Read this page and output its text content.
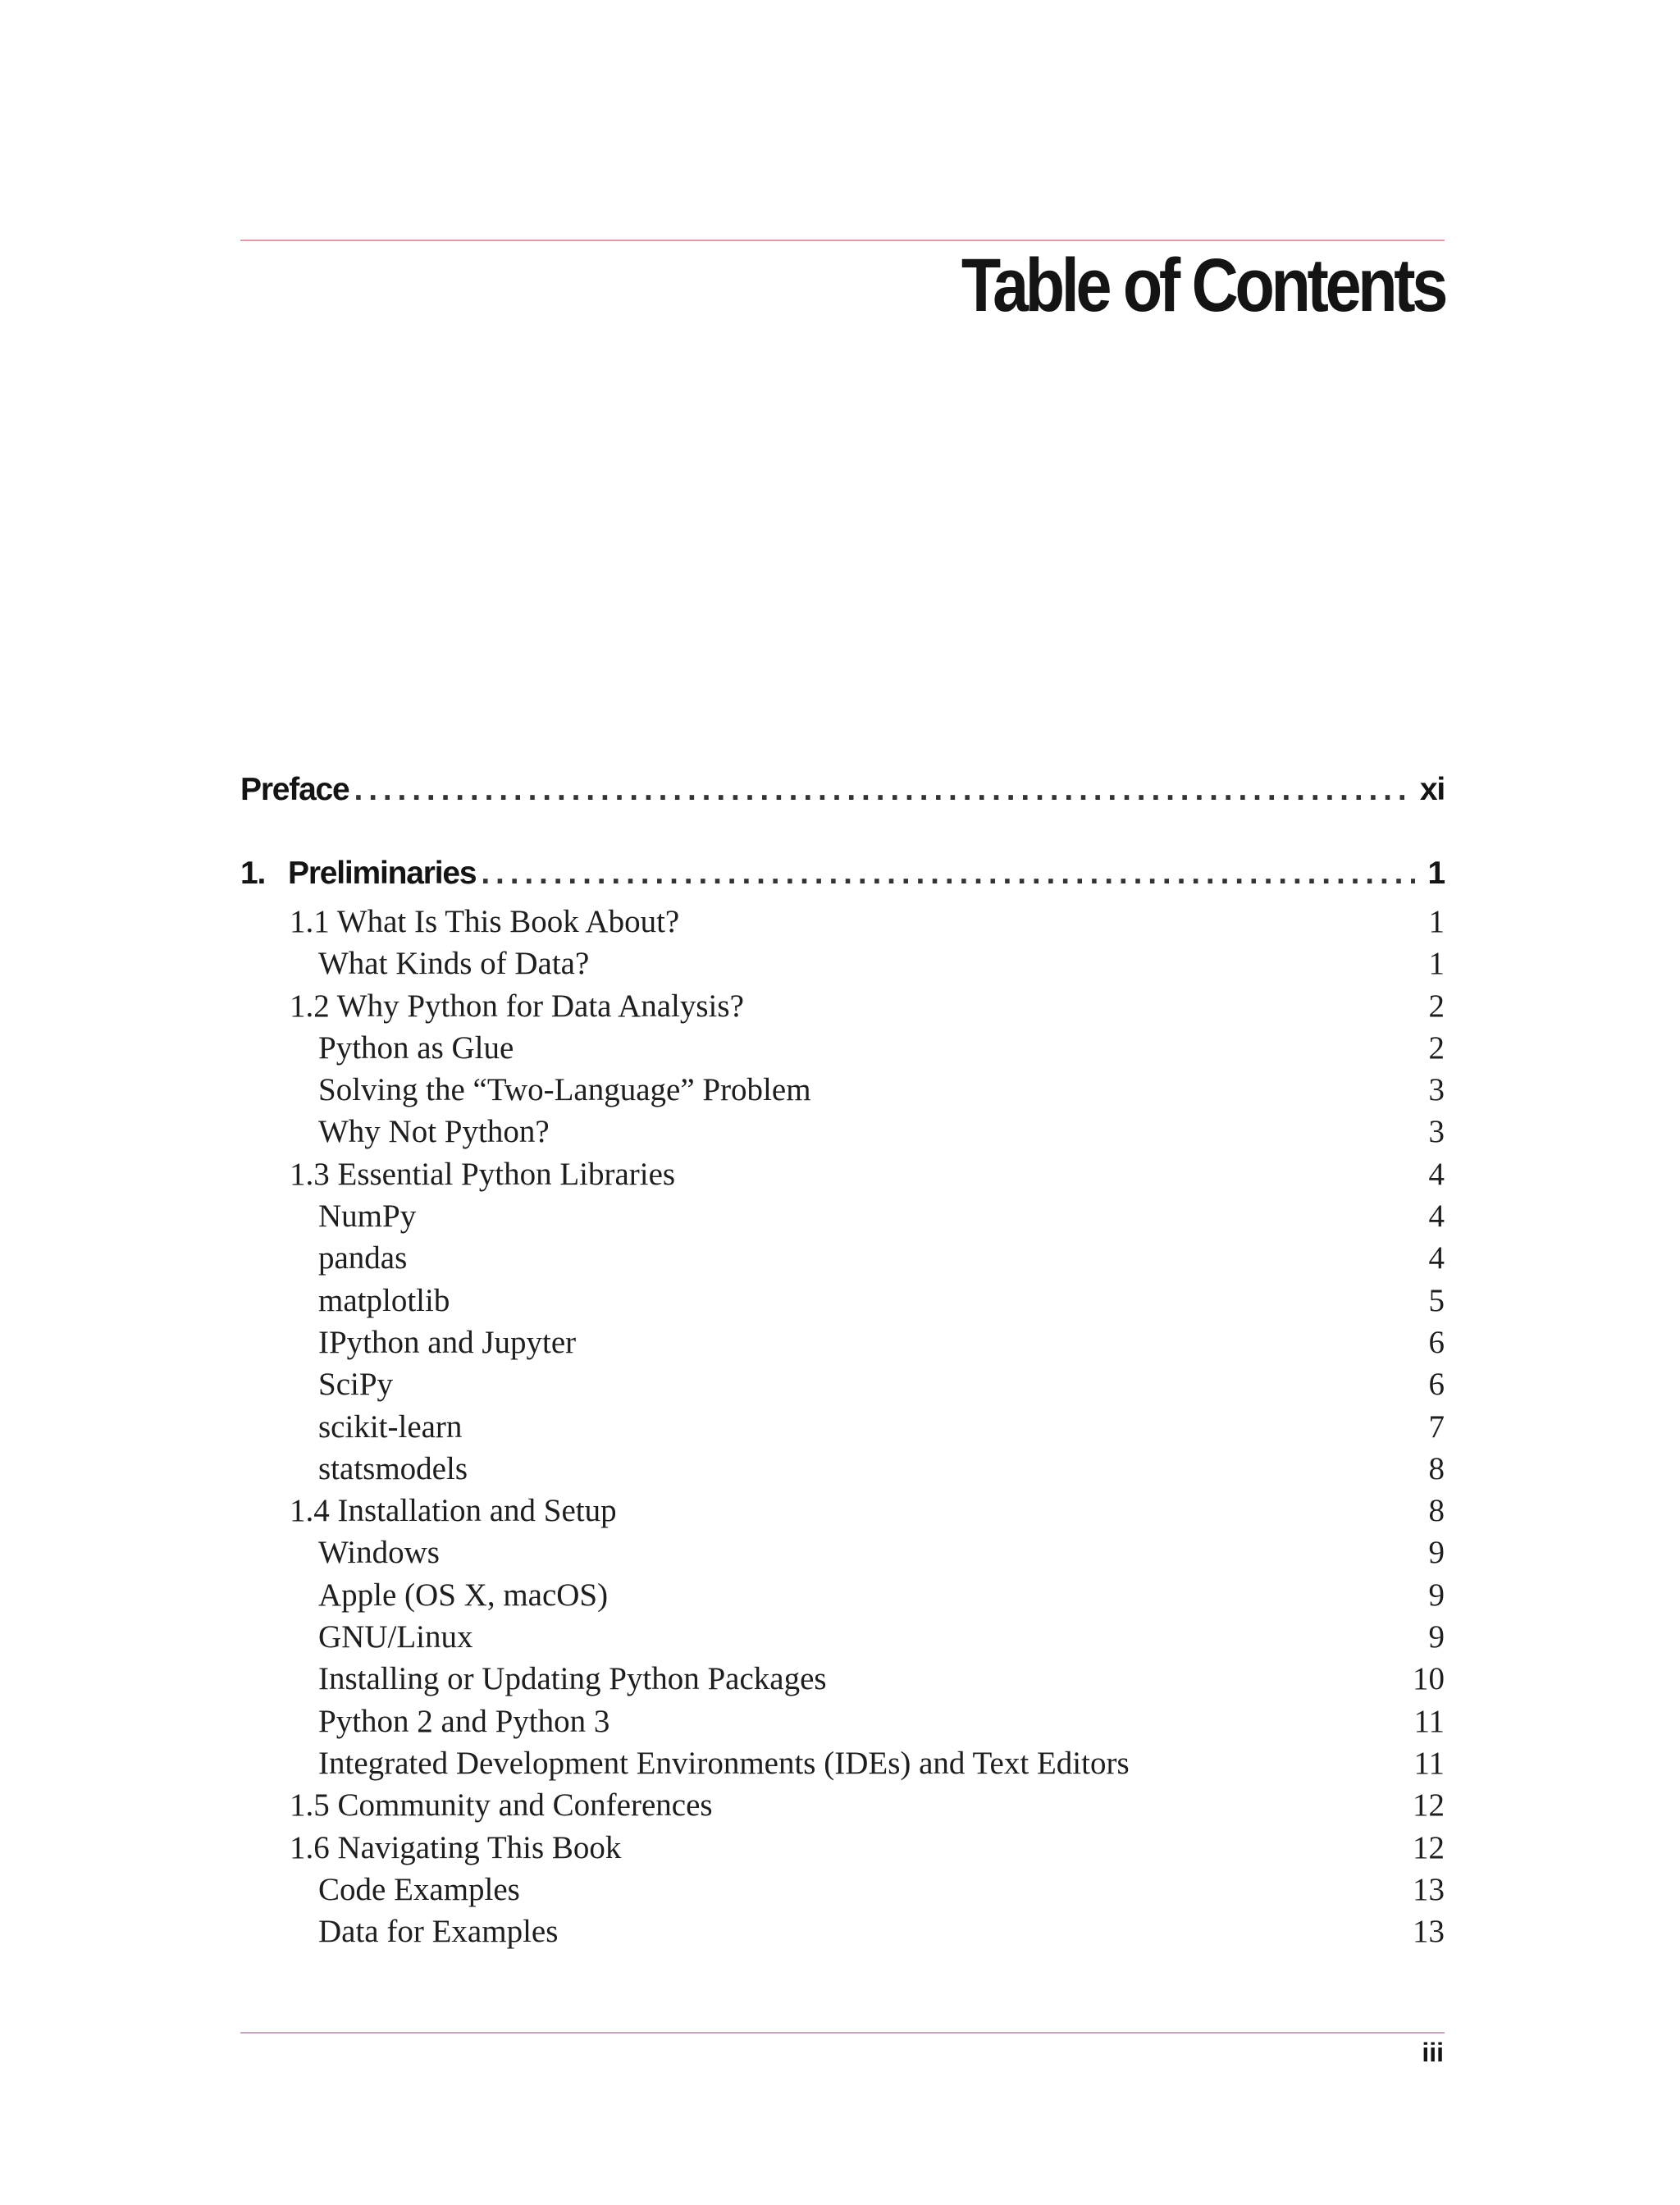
Table of Contents
Preface . . .	xi
1. Preliminaries . . .	1
1.1 What Is This Book About?	1
What Kinds of Data?	1
1.2 Why Python for Data Analysis?	2
Python as Glue	2
Solving the “Two-Language” Problem	3
Why Not Python?	3
1.3 Essential Python Libraries	4
NumPy	4
pandas	4
matplotlib	5
IPython and Jupyter	6
SciPy	6
scikit-learn	7
statsmodels	8
1.4 Installation and Setup	8
Windows	9
Apple (OS X, macOS)	9
GNU/Linux	9
Installing or Updating Python Packages	10
Python 2 and Python 3	11
Integrated Development Environments (IDEs) and Text Editors	11
1.5 Community and Conferences	12
1.6 Navigating This Book	12
Code Examples	13
Data for Examples	13
iii
